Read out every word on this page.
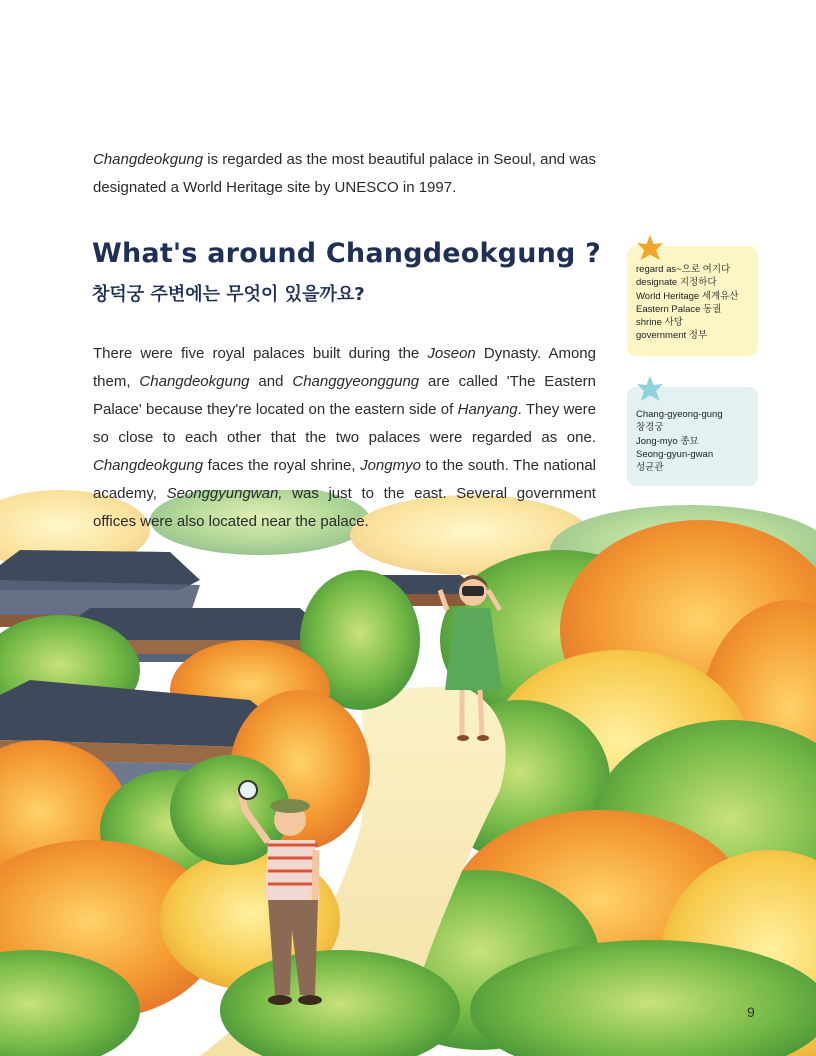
Changdeokgung is regarded as the most beautiful palace in Seoul, and was designated a World Heritage site by UNESCO in 1997.
What's around Changdeokgung ?
창덕궁 주변에는 무엇이 있을까요?
There were five royal palaces built during the Joseon Dynasty. Among them, Changdeokgung and Changgyeonggung are called 'The Eastern Palace' because they're located on the eastern side of Hanyang. They were so close to each other that the two palaces were regarded as one. Changdeokgung faces the royal shrine, Jongmyo to the south. The national academy, Seonggyungwan, was just to the east. Several government offices were also located near the palace.
regard as~으로 여기다
designate 지정하다
World Heritage 세계유산
Eastern Palace 동궐
shrine 사당
government 정부
Chang-gyeong-gung
창경궁
Jong-myo 종묘
Seong-gyun-gwan
성균관
9
